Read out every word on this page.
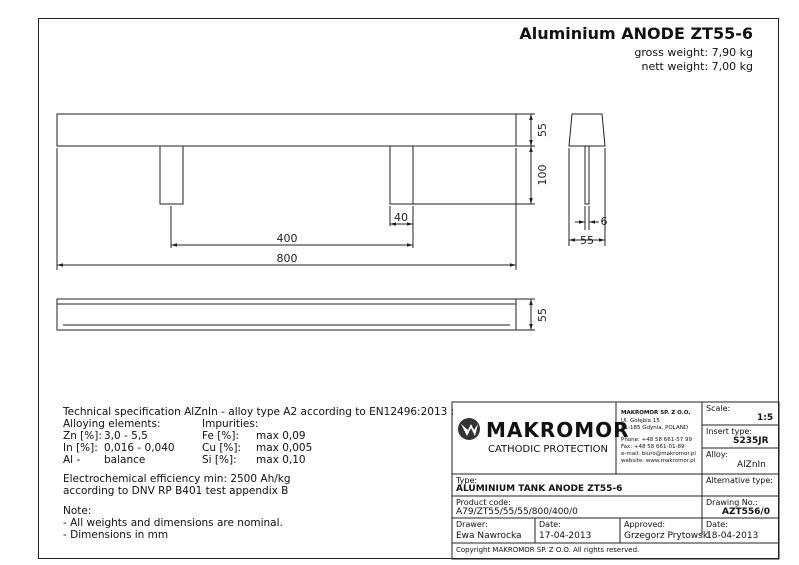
Aluminium ANODE ZT55-6
gross weight: 7,90 kg
nett weight: 7,00 kg
55
100
40
400
800
6
55
55
Technical specification AlZnIn - alloy type A2 according to EN12496:2013 :
Alloying elements:	Impurities:
Zn [%]: 3,0 - 5,5
In [%]: 0,016 - 0,040
Al - balance
Fe [%]: max 0,09
Cu [%]: max 0,005
Si [%]: max 0,10
Electrochemical efficiency min: 2500 Ah/kg
according to DNV RP B401 test appendix B
Note:
- All weights and dimensions are nominal.
- Dimensions in mm
MAKROMOR
CATHODIC PROTECTION
MAKROMOR SP. Z O.O.
Ul. Gołębia 15
81-185 Gdynia, POLAND
Phone: +48 58 661-57 99
Fax: +48 58 661-01-89
e-mail: biuro@makromor.pl
website: www.makromor.pl
Scale:
1:5
Insert type:
S235JR
Alloy:
AlZnIn
Type:
ALUMINIUM TANK ANODE ZT55-6
Alternative type:
Product code:
A79/ZT55/55/55/800/400/0
Drawing No.:
AZT556/0
Drawer:
Ewa Nawrocka
Date:
17-04-2013
Approved:
Grzegorz Prytowski
Date:
18-04-2013
Copyright MAKROMOR SP. Z O.O. All rights reserved.
